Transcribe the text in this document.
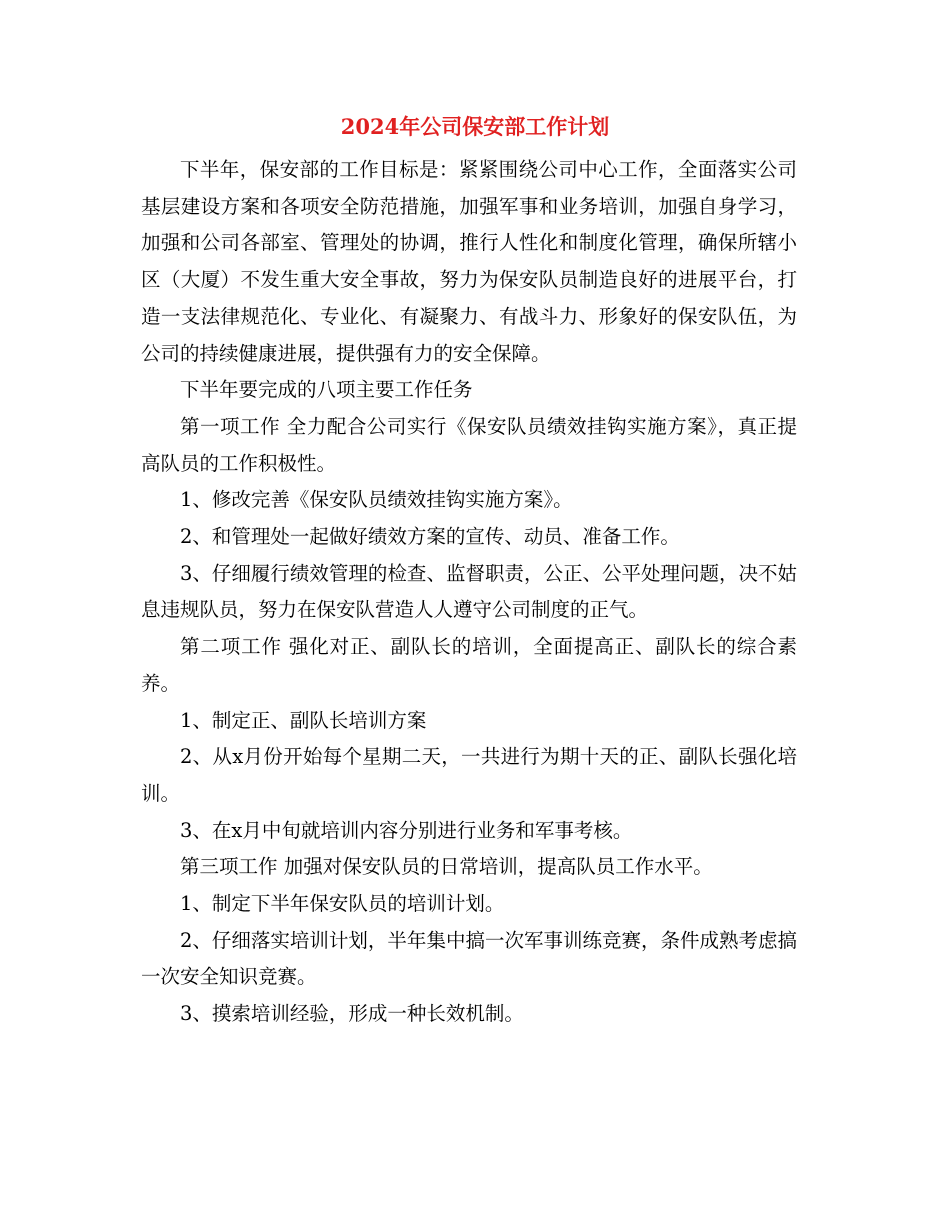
2024年公司保安部工作计划

下半年，保安部的工作目标是：紧紧围绕公司中心工作，全面落实公司基层建设方案和各项安全防范措施，加强军事和业务培训，加强自身学习，加强和公司各部室、管理处的协调，推行人性化和制度化管理，确保所辖小区（大厦）不发生重大安全事故，努力为保安队员制造良好的进展平台，打造一支法律规范化、专业化、有凝聚力、有战斗力、形象好的保安队伍，为公司的持续健康进展，提供强有力的安全保障。

下半年要完成的八项主要工作任务

第一项工作 全力配合公司实行《保安队员绩效挂钩实施方案》，真正提高队员的工作积极性。

1、修改完善《保安队员绩效挂钩实施方案》。

2、和管理处一起做好绩效方案的宣传、动员、准备工作。

3、仔细履行绩效管理的检查、监督职责，公正、公平处理问题，决不姑息违规队员，努力在保安队营造人人遵守公司制度的正气。

第二项工作 强化对正、副队长的培训，全面提高正、副队长的综合素养。

1、制定正、副队长培训方案

2、从x月份开始每个星期二天，一共进行为期十天的正、副队长强化培训。

3、在x月中旬就培训内容分别进行业务和军事考核。

第三项工作 加强对保安队员的日常培训，提高队员工作水平。

1、制定下半年保安队员的培训计划。

2、仔细落实培训计划，半年集中搞一次军事训练竞赛，条件成熟考虑搞一次安全知识竞赛。

3、摸索培训经验，形成一种长效机制。
